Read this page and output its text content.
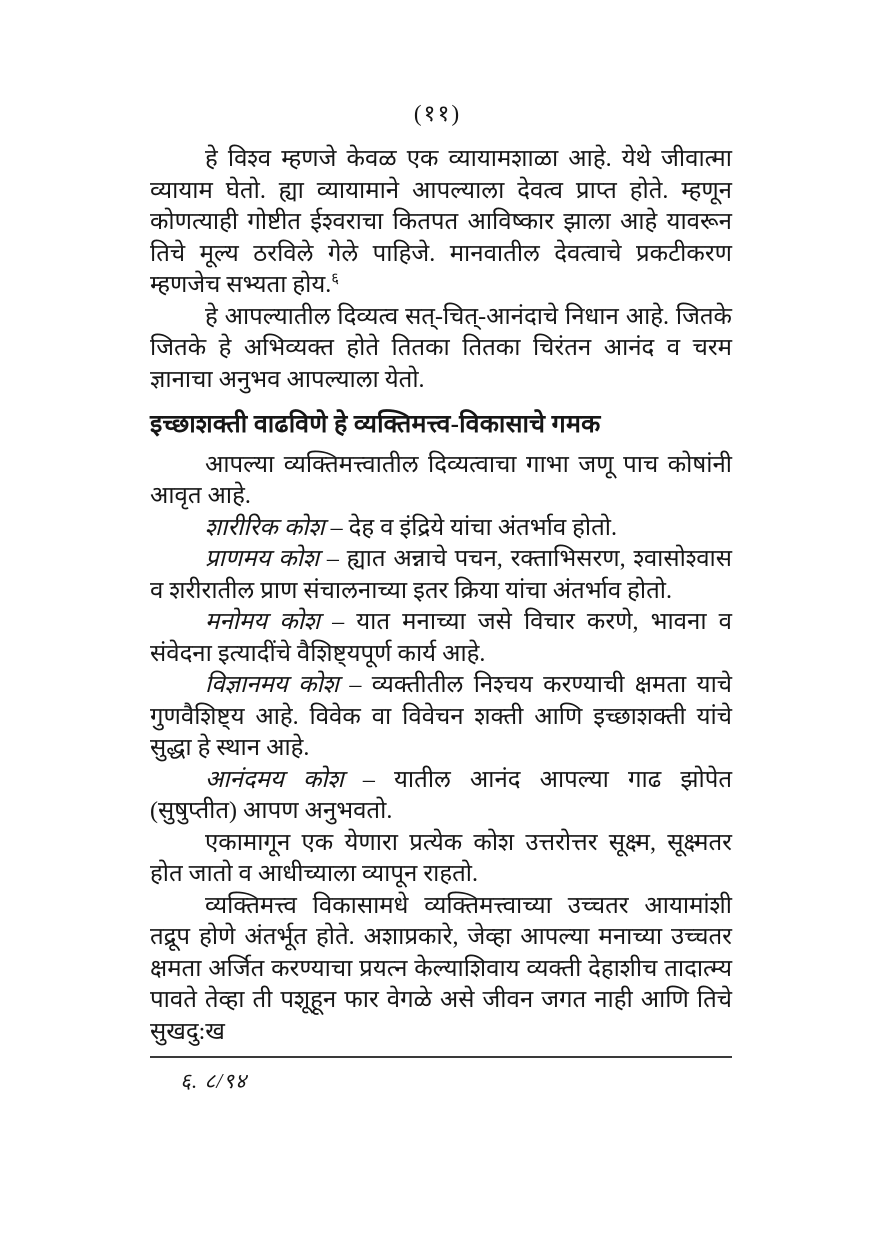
(११)

हे विश्व म्हणजे केवळ एक व्यायामशाळा आहे. येथे जीवात्मा व्यायाम घेतो. ह्या व्यायामाने आपल्याला देवत्व प्राप्त होते. म्हणून कोणत्याही गोष्टीत ईश्वराचा कितपत आविष्कार झाला आहे यावरून तिचे मूल्य ठरविले गेले पाहिजे. मानवातील देवत्वाचे प्रकटीकरण म्हणजेच सभ्यता होय.$^६$

हे आपल्यातील दिव्यत्व सत्-चित्-आनंदाचे निधान आहे. जितके जितके हे अभिव्यक्त होते तितका तितका चिरंतन आनंद व चरम ज्ञानाचा अनुभव आपल्याला येतो.

इच्छाशक्ती वाढविणे हे व्यक्तिमत्त्व-विकासाचे गमक

आपल्या व्यक्तिमत्त्वातील दिव्यत्वाचा गाभा जणू पाच कोषांनी आवृत आहे.

शारीरिक कोश – देह व इंद्रिये यांचा अंतर्भाव होतो.

प्राणमय कोश – ह्यात अन्नाचे पचन, रक्ताभिसरण, श्वासोश्वास व शरीरातील प्राण संचालनाच्या इतर क्रिया यांचा अंतर्भाव होतो.

मनोमय कोश – यात मनाच्या जसे विचार करणे, भावना व संवेदना इत्यादींचे वैशिष्ट्यपूर्ण कार्य आहे.

विज्ञानमय कोश – व्यक्तीतील निश्चय करण्याची क्षमता याचे गुणवैशिष्ट्य आहे. विवेक वा विवेचन शक्ती आणि इच्छाशक्ती यांचे सुद्धा हे स्थान आहे.

आनंदमय कोश – यातील आनंद आपल्या गाढ झोपेत (सुषुप्तीत) आपण अनुभवतो.

एकामागून एक येणारा प्रत्येक कोश उत्तरोत्तर सूक्ष्म, सूक्ष्मतर होत जातो व आधीच्याला व्यापून राहतो.

व्यक्तिमत्त्व विकासामधे व्यक्तिमत्त्वाच्या उच्चतर आयामांशी तद्रूप होणे अंतर्भूत होते. अशाप्रकारे, जेव्हा आपल्या मनाच्या उच्चतर क्षमता अर्जित करण्याचा प्रयत्न केल्याशिवाय व्यक्ती देहाशीच तादात्म्य पावते तेव्हा ती पशूहून फार वेगळे असे जीवन जगत नाही आणि तिचे सुखदु:ख

६. ८/९४
